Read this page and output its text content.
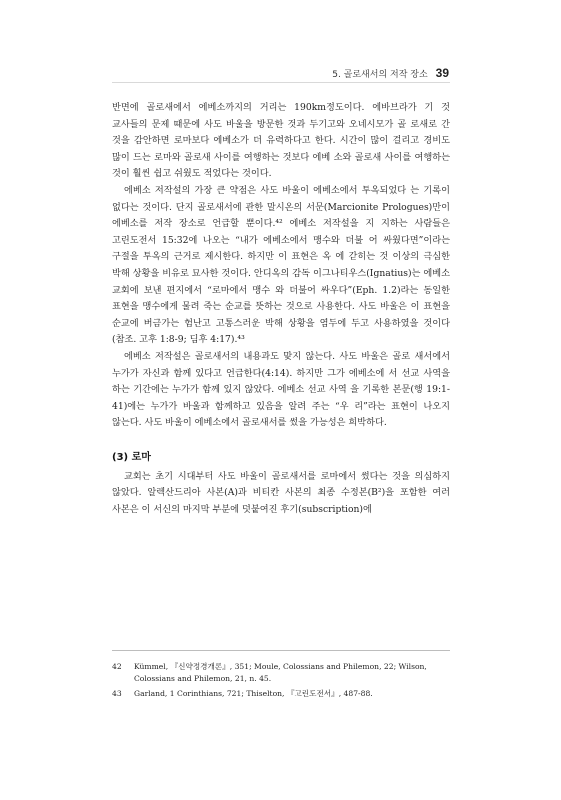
5. 골로새서의 저작 장소 39

반면에 골로새에서 에베소까지의 거리는 190km정도이다. 에바브라가 기 것 교사들의 문제 때문에 사도 바울을 방문한 것과 두기고와 오네시모가 골 로새로 간 것을 감안하면 로마보다 에베소가 더 유력하다고 한다. 시간이 많이 걸리고 경비도 많이 드는 로마와 골로새 사이를 여행하는 것보다 에베 소와 골로새 사이를 여행하는 것이 훨씬 쉽고 쉬웠도 적었다는 것이다.

에베소 저작설의 가장 큰 약점은 사도 바울이 에베소에서 투옥되었다 는 기록이 없다는 것이다. 단지 골로새서에 관한 말시온의 서문(Marcionite Prologues)만이 에베소를 저작 장소로 언급할 뿐이다.⁴² 에베소 저작설을 지 지하는 사람들은 고린도전서 15:32에 나오는 “내가 에베소에서 맹수와 더불 어 싸웠다면”이라는 구절을 투옥의 근거로 제시한다. 하지만 이 표현은 옥 에 갇히는 것 이상의 극심한 박해 상황을 비유로 묘사한 것이다. 안디옥의 감독 이그나티우스(Ignatius)는 에베소 교회에 보낸 편지에서 “로마에서 맹수 와 더불어 싸우다”(Eph. 1.2)라는 동일한 표현을 맹수에게 물려 죽는 순교를 뜻하는 것으로 사용한다. 사도 바울은 이 표현을 순교에 버금가는 험난고 고통스러운 박해 상황을 염두에 두고 사용하였을 것이다(참조. 고후 1:8-9; 딤후 4:17).⁴³

에베소 저작설은 골로새서의 내용과도 맞지 않는다. 사도 바울은 골로 새서에서 누가가 자신과 함께 있다고 언급한다(4:14). 하지만 그가 에베소에 서 선교 사역을 하는 기간에는 누가가 함께 있지 않았다. 에베소 선교 사역 을 기록한 본문(행 19:1-41)에는 누가가 바울과 함께하고 있음을 알려 주는 “우 리”라는 표현이 나오지 않는다. 사도 바울이 에베소에서 골로새서를 썼을 가능성은 희박하다.

(3) 로마

교회는 초기 시대부터 사도 바울이 골로새서를 로마에서 썼다는 것을 의심하지 않았다. 알렉산드리아 사본(A)과 비티칸 사본의 최종 수정본(B²)을 포함한 여러 사본은 이 서신의 마지막 부분에 덧붙여진 후기(subscription)에

42	Kümmel, 『신약정경개론』, 351; Moule, Colossians and Philemon, 22; Wilson, Colossians and Philemon, 21, n. 45.
43	Garland, 1 Corinthians, 721; Thiselton, 『고린도전서』, 487-88.
